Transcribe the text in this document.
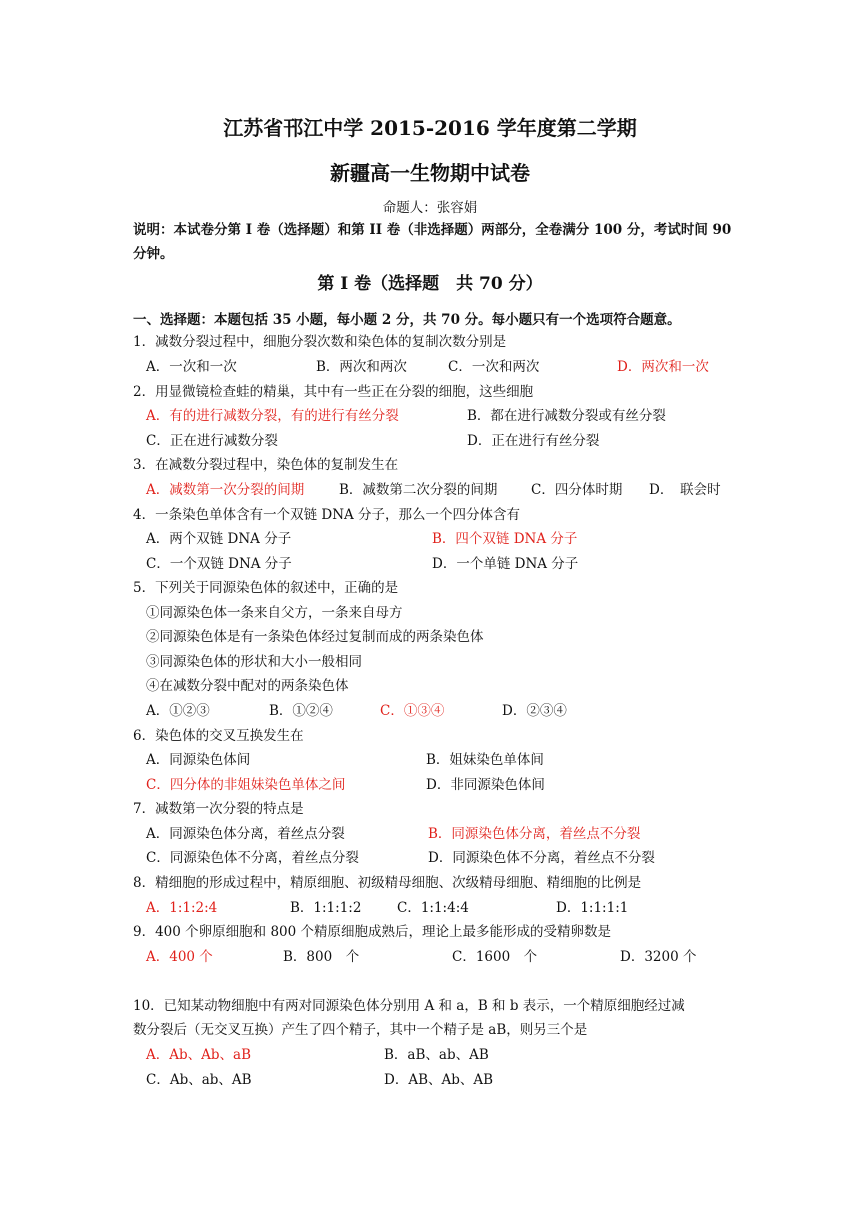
江苏省邗江中学 2015-2016 学年度第二学期
新疆高一生物期中试卷
命题人：张容娟
说明：本试卷分第 I 卷（选择题）和第 II 卷（非选择题）两部分，全卷满分 100 分，考试时间 90 分钟。
第 I 卷（选择题　共 70 分）
一、选择题：本题包括 35 小题，每小题 2 分，共 70 分。每小题只有一个选项符合题意。
1．减数分裂过程中，细胞分裂次数和染色体的复制次数分别是
A．一次和一次	B．两次和两次	C．一次和两次	D．两次和一次
2．用显微镜检查蛙的精巢，其中有一些正在分裂的细胞，这些细胞
A．有的进行减数分裂，有的进行有丝分裂	B．都在进行减数分裂或有丝分裂
C．正在进行减数分裂	D．正在进行有丝分裂
3．在减数分裂过程中，染色体的复制发生在
A．减数第一次分裂的间期	B．减数第二次分裂的间期 C．四分体时期 D．　联会时
4．一条染色单体含有一个双链 DNA 分子，那么一个四分体含有
A．两个双链 DNA 分子	B．四个双链 DNA 分子
C．一个双链 DNA 分子	D．一个单链 DNA 分子
5．下列关于同源染色体的叙述中，正确的是
①同源染色体一条来自父方，一条来自母方
②同源染色体是有一条染色体经过复制而成的两条染色体
③同源染色体的形状和大小一般相同
④在减数分裂中配对的两条染色体
A．①②③	B．①②④	C．①③④	D．②③④
6．染色体的交叉互换发生在
A．同源染色体间	B．姐妹染色单体间
C．四分体的非姐妹染色单体之间	D．非同源染色体间
7．减数第一次分裂的特点是
A．同源染色体分离，着丝点分裂	B．同源染色体分离，着丝点不分裂
C．同源染色体不分离，着丝点分裂	D．同源染色体不分离，着丝点不分裂
8．精细胞的形成过程中，精原细胞、初级精母细胞、次级精母细胞、精细胞的比例是
A．1:1:2:4	B．1:1:1:2	C．1:1:4:4	D．1:1:1:1
9．400 个卵原细胞和 800 个精原细胞成熟后，理论上最多能形成的受精卵数是
A．400 个	B．800　个	C．1600　个	D．3200 个
10．已知某动物细胞中有两对同源染色体分别用 A 和 a，B 和 b 表示，一个精原细胞经过减
数分裂后（无交叉互换）产生了四个精子，其中一个精子是 aB，则另三个是
A．Ab、Ab、aB	B．aB、ab、AB
C．Ab、ab、AB	D．AB、Ab、AB
